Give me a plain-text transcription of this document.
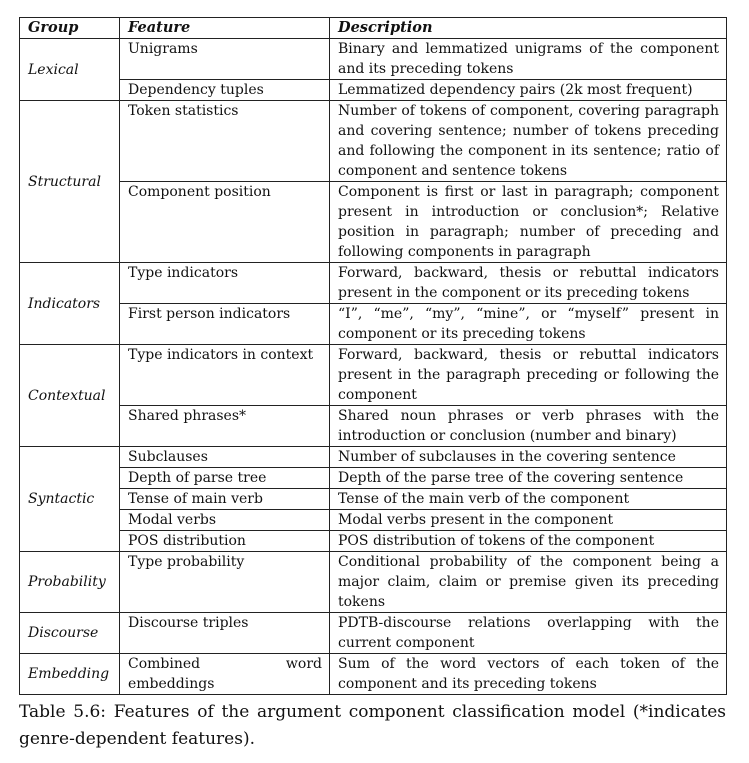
Group	Feature	Description
Lexical	Unigrams	Binary and lemmatized unigrams of the component and its preceding tokens
	Dependency tuples	Lemmatized dependency pairs (2k most frequent)
Structural	Token statistics	Number of tokens of component, covering paragraph and covering sentence; number of tokens preceding and following the component in its sentence; ratio of component and sentence tokens
	Component position	Component is first or last in paragraph; component present in introduction or conclusion*; Relative position in paragraph; number of preceding and following components in paragraph
Indicators	Type indicators	Forward, backward, thesis or rebuttal indicators present in the component or its preceding tokens
	First person indicators	“I”, “me”, “my”, “mine”, or “myself” present in component or its preceding tokens
Contextual	Type indicators in context	Forward, backward, thesis or rebuttal indicators present in the paragraph preceding or following the component
	Shared phrases*	Shared noun phrases or verb phrases with the introduction or conclusion (number and binary)
Syntactic	Subclauses	Number of subclauses in the covering sentence
	Depth of parse tree	Depth of the parse tree of the covering sentence
	Tense of main verb	Tense of the main verb of the component
	Modal verbs	Modal verbs present in the component
	POS distribution	POS distribution of tokens of the component
Probability	Type probability	Conditional probability of the component being a major claim, claim or premise given its preceding tokens
Discourse	Discourse triples	PDTB-discourse relations overlapping with the current component
Embedding	Combined word embeddings	Sum of the word vectors of each token of the component and its preceding tokens
Table 5.6: Features of the argument component classification model (*indicates genre-dependent features).
